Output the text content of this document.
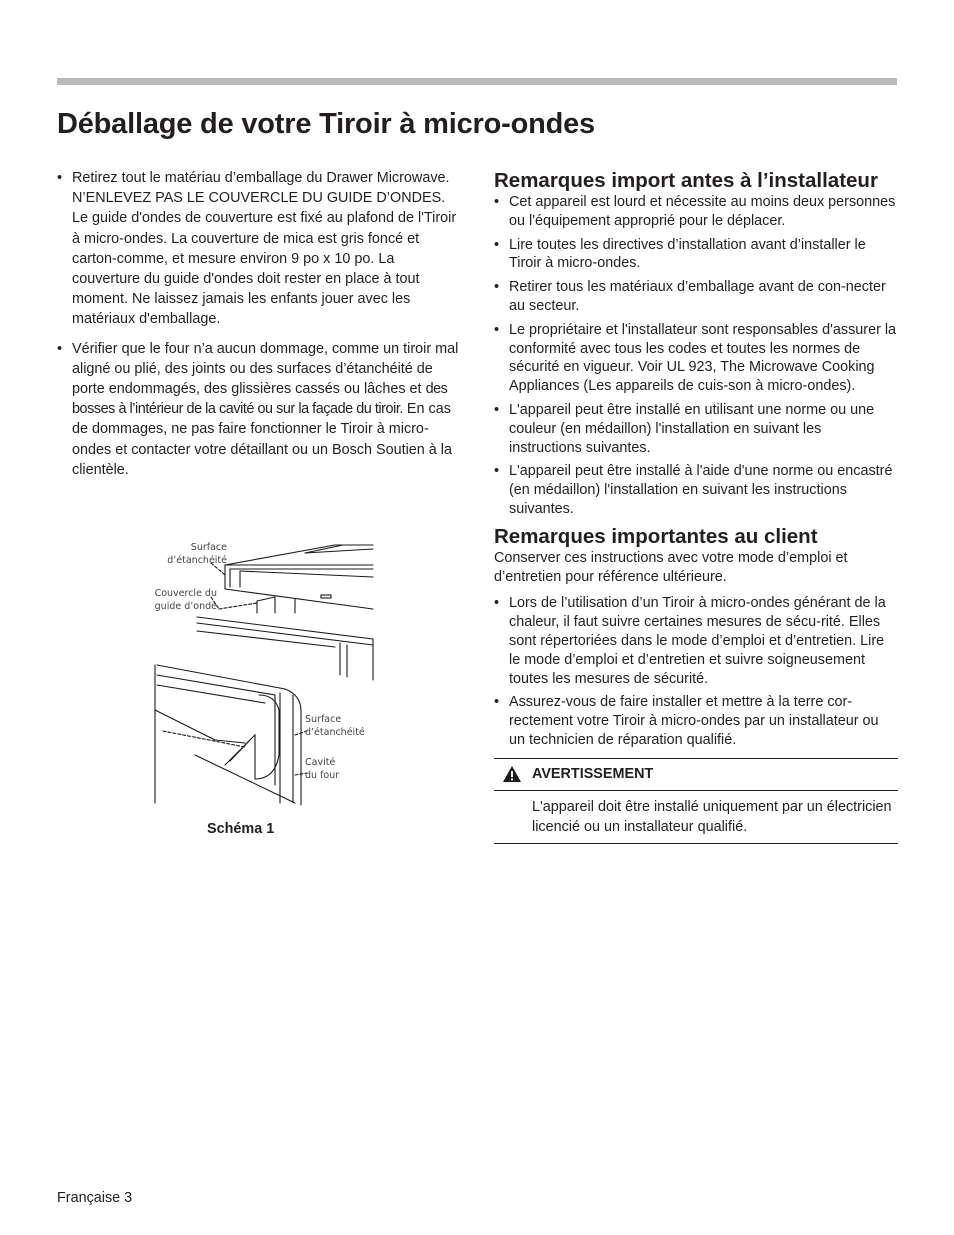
Déballage de votre Tiroir à micro-ondes
• Retirez tout le matériau d’emballage du Drawer Microwave. N’ENLEVEZ PAS LE COUVERCLE DU GUIDE D’ONDES. Le guide d'ondes de couverture est fixé au plafond de l'Tiroir à micro-ondes. La couverture de mica est gris foncé et carton-comme, et mesure environ 9 po x 10 po. La couverture du guide d'ondes doit rester en place à tout moment. Ne laissez jamais les enfants jouer avec les matériaux d'emballage.
• Vérifier que le four n’a aucun dommage, comme un tiroir mal aligné ou plié, des joints ou des surfaces d’étanchéité de porte endommagés, des glissières cassés ou lâches et des bosses à l’intérieur de la cavité ou sur la façade du tiroir. En cas de dommages, ne pas faire fonctionner le Tiroir à micro-ondes et contacter votre détaillant ou un Bosch Soutien à la clientèle.
Surface
d’étanchéité
Couvercle du
guide d’onde
Surface
d’étanchéité
Cavité
du four
Schéma 1
Remarques import antes à l’installateur
• Cet appareil est lourd et nécessite au moins deux personnes ou l'équipement approprié pour le déplacer.
• Lire toutes les directives d’installation avant d’installer le Tiroir à micro-ondes.
• Retirer tous les matériaux d’emballage avant de con-necter au secteur.
• Le propriétaire et l'installateur sont responsables d'assurer la conformité avec tous les codes et toutes les normes de sécurité en vigueur. Voir UL 923, The Microwave Cooking Appliances (Les appareils de cuis-son à micro-ondes).
• L'appareil peut être installé en utilisant une norme ou une couleur (en médaillon) l'installation en suivant les instructions suivantes.
• L'appareil peut être installé à l'aide d'une norme ou encastré (en médaillon) l'installation en suivant les instructions suivantes.
Remarques importantes au client

Conserver ces instructions avec votre mode d’emploi et d’entretien pour référence ultérieure.

• Lors de l’utilisation d’un Tiroir à micro-ondes générant de la chaleur, il faut suivre certaines mesures de sécu-rité. Elles sont répertoriées dans le mode d’emploi et d’entretien. Lire le mode d’emploi et d’entretien et suivre soigneusement toutes les mesures de sécurité.
• Assurez-vous de faire installer et mettre à la terre cor-rectement votre Tiroir à micro-ondes par un installateur ou un technicien de réparation qualifié.
AVERTISSEMENT
L'appareil doit être installé uniquement par un électricien licencié ou un installateur qualifié.
Française 3
